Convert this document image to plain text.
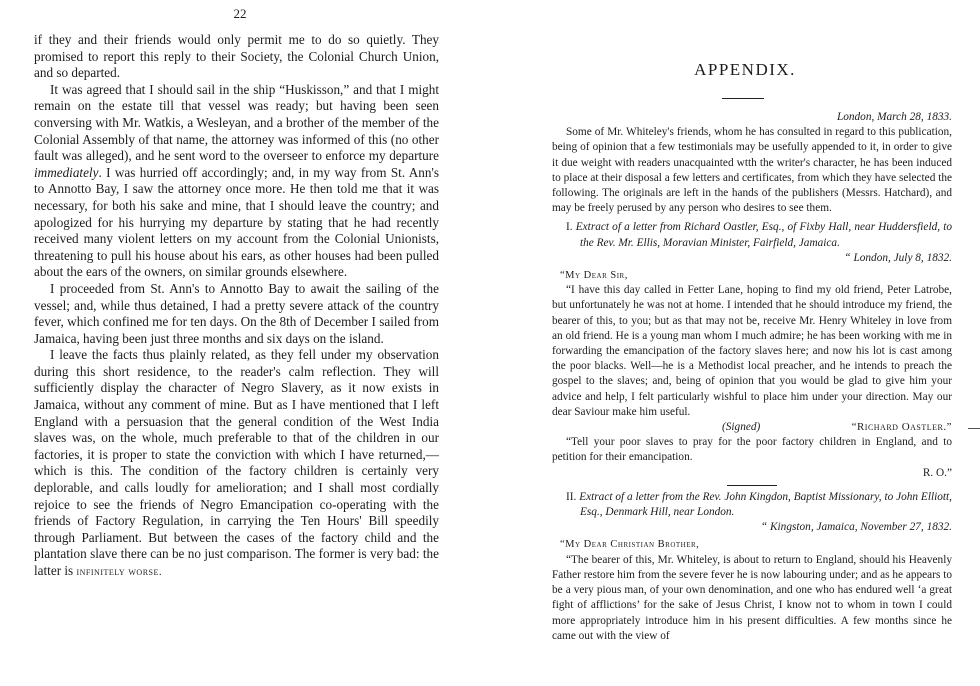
22

if they and their friends would only permit me to do so quietly. They promised to report this reply to their Society, the Colonial Church Union, and so departed.

It was agreed that I should sail in the ship “Huskisson,” and that I might remain on the estate till that vessel was ready; but having been seen conversing with Mr. Watkis, a Wesleyan, and a brother of the member of the Colonial Assembly of that name, the attorney was informed of this (no other fault was alleged), and he sent word to the overseer to enforce my departure immediately. I was hurried off accordingly; and, in my way from St. Ann's to Annotto Bay, I saw the attorney once more. He then told me that it was necessary, for both his sake and mine, that I should leave the country; and apologized for his hurrying my departure by stating that he had recently received many violent letters on my account from the Colonial Unionists, threatening to pull his house about his ears, as other houses had been pulled about the ears of the owners, on similar grounds elsewhere.

I proceeded from St. Ann's to Annotto Bay to await the sailing of the vessel; and, while thus detained, I had a pretty severe attack of the country fever, which confined me for ten days. On the 8th of December I sailed from Jamaica, having been just three months and six days on the island.

I leave the facts thus plainly related, as they fell under my observation during this short residence, to the reader's calm reflection. They will sufficiently display the character of Negro Slavery, as it now exists in Jamaica, without any comment of mine. But as I have mentioned that I left England with a persuasion that the general condition of the West India slaves was, on the whole, much preferable to that of the children in our factories, it is proper to state the conviction with which I have returned,—which is this. The condition of the factory children is certainly very deplorable, and calls loudly for amelioration; and I shall most cordially rejoice to see the friends of Negro Emancipation co-operating with the friends of Factory Regulation, in carrying the Ten Hours' Bill speedily through Parliament. But between the cases of the factory child and the plantation slave there can be no just comparison. The former is very bad: the latter is infinitely worse.

APPENDIX.

London, March 28, 1833.

Some of Mr. Whiteley's friends, whom he has consulted in regard to this publication, being of opinion that a few testimonials may be usefully appended to it, in order to give it due weight with readers unacquainted wtth the writer's character, he has been induced to place at their disposal a few letters and certificates, from which they have selected the following. The originals are left in the hands of the publishers (Messrs. Hatchard), and may be freely perused by any person who desires to see them.

I. Extract of a letter from Richard Oastler, Esq., of Fixby Hall, near Huddersfield, to the Rev. Mr. Ellis, Moravian Minister, Fairfield, Jamaica.

“ London, July 8, 1832.

“My Dear Sir,

“I have this day called in Fetter Lane, hoping to find my old friend, Peter Latrobe, but unfortunately he was not at home. I intended that he should introduce my friend, the bearer of this, to you; but as that may not be, receive Mr. Henry Whiteley in love from an old friend. He is a young man whom I much admire; he has been working with me in forwarding the emancipation of the factory slaves here; and now his lot is cast among the poor blacks. Well—he is a Methodist local preacher, and he intends to preach the gospel to the slaves; and, being of opinion that you would be glad to give him your advice and help, I felt particularly wishful to place him under your direction. May our dear Saviour make him useful.

(Signed)	“Richard Oastler.”

“Tell your poor slaves to pray for the poor factory children in England, and to petition for their emancipation.

R. O.”

II. Extract of a letter from the Rev. John Kingdon, Baptist Missionary, to John Elliott, Esq., Denmark Hill, near London.

“ Kingston, Jamaica, November 27, 1832.

“My Dear Christian Brother,

“The bearer of this, Mr. Whiteley, is about to return to England, should his Heavenly Father restore him from the severe fever he is now labouring under; and as he appears to be a very pious man, of your own denomination, and one who has endured well ‘a great fight of afflictions’ for the sake of Jesus Christ, I know not to whom in town I could more appropriately introduce him in his present difficulties. A few months since he came out with the view of
